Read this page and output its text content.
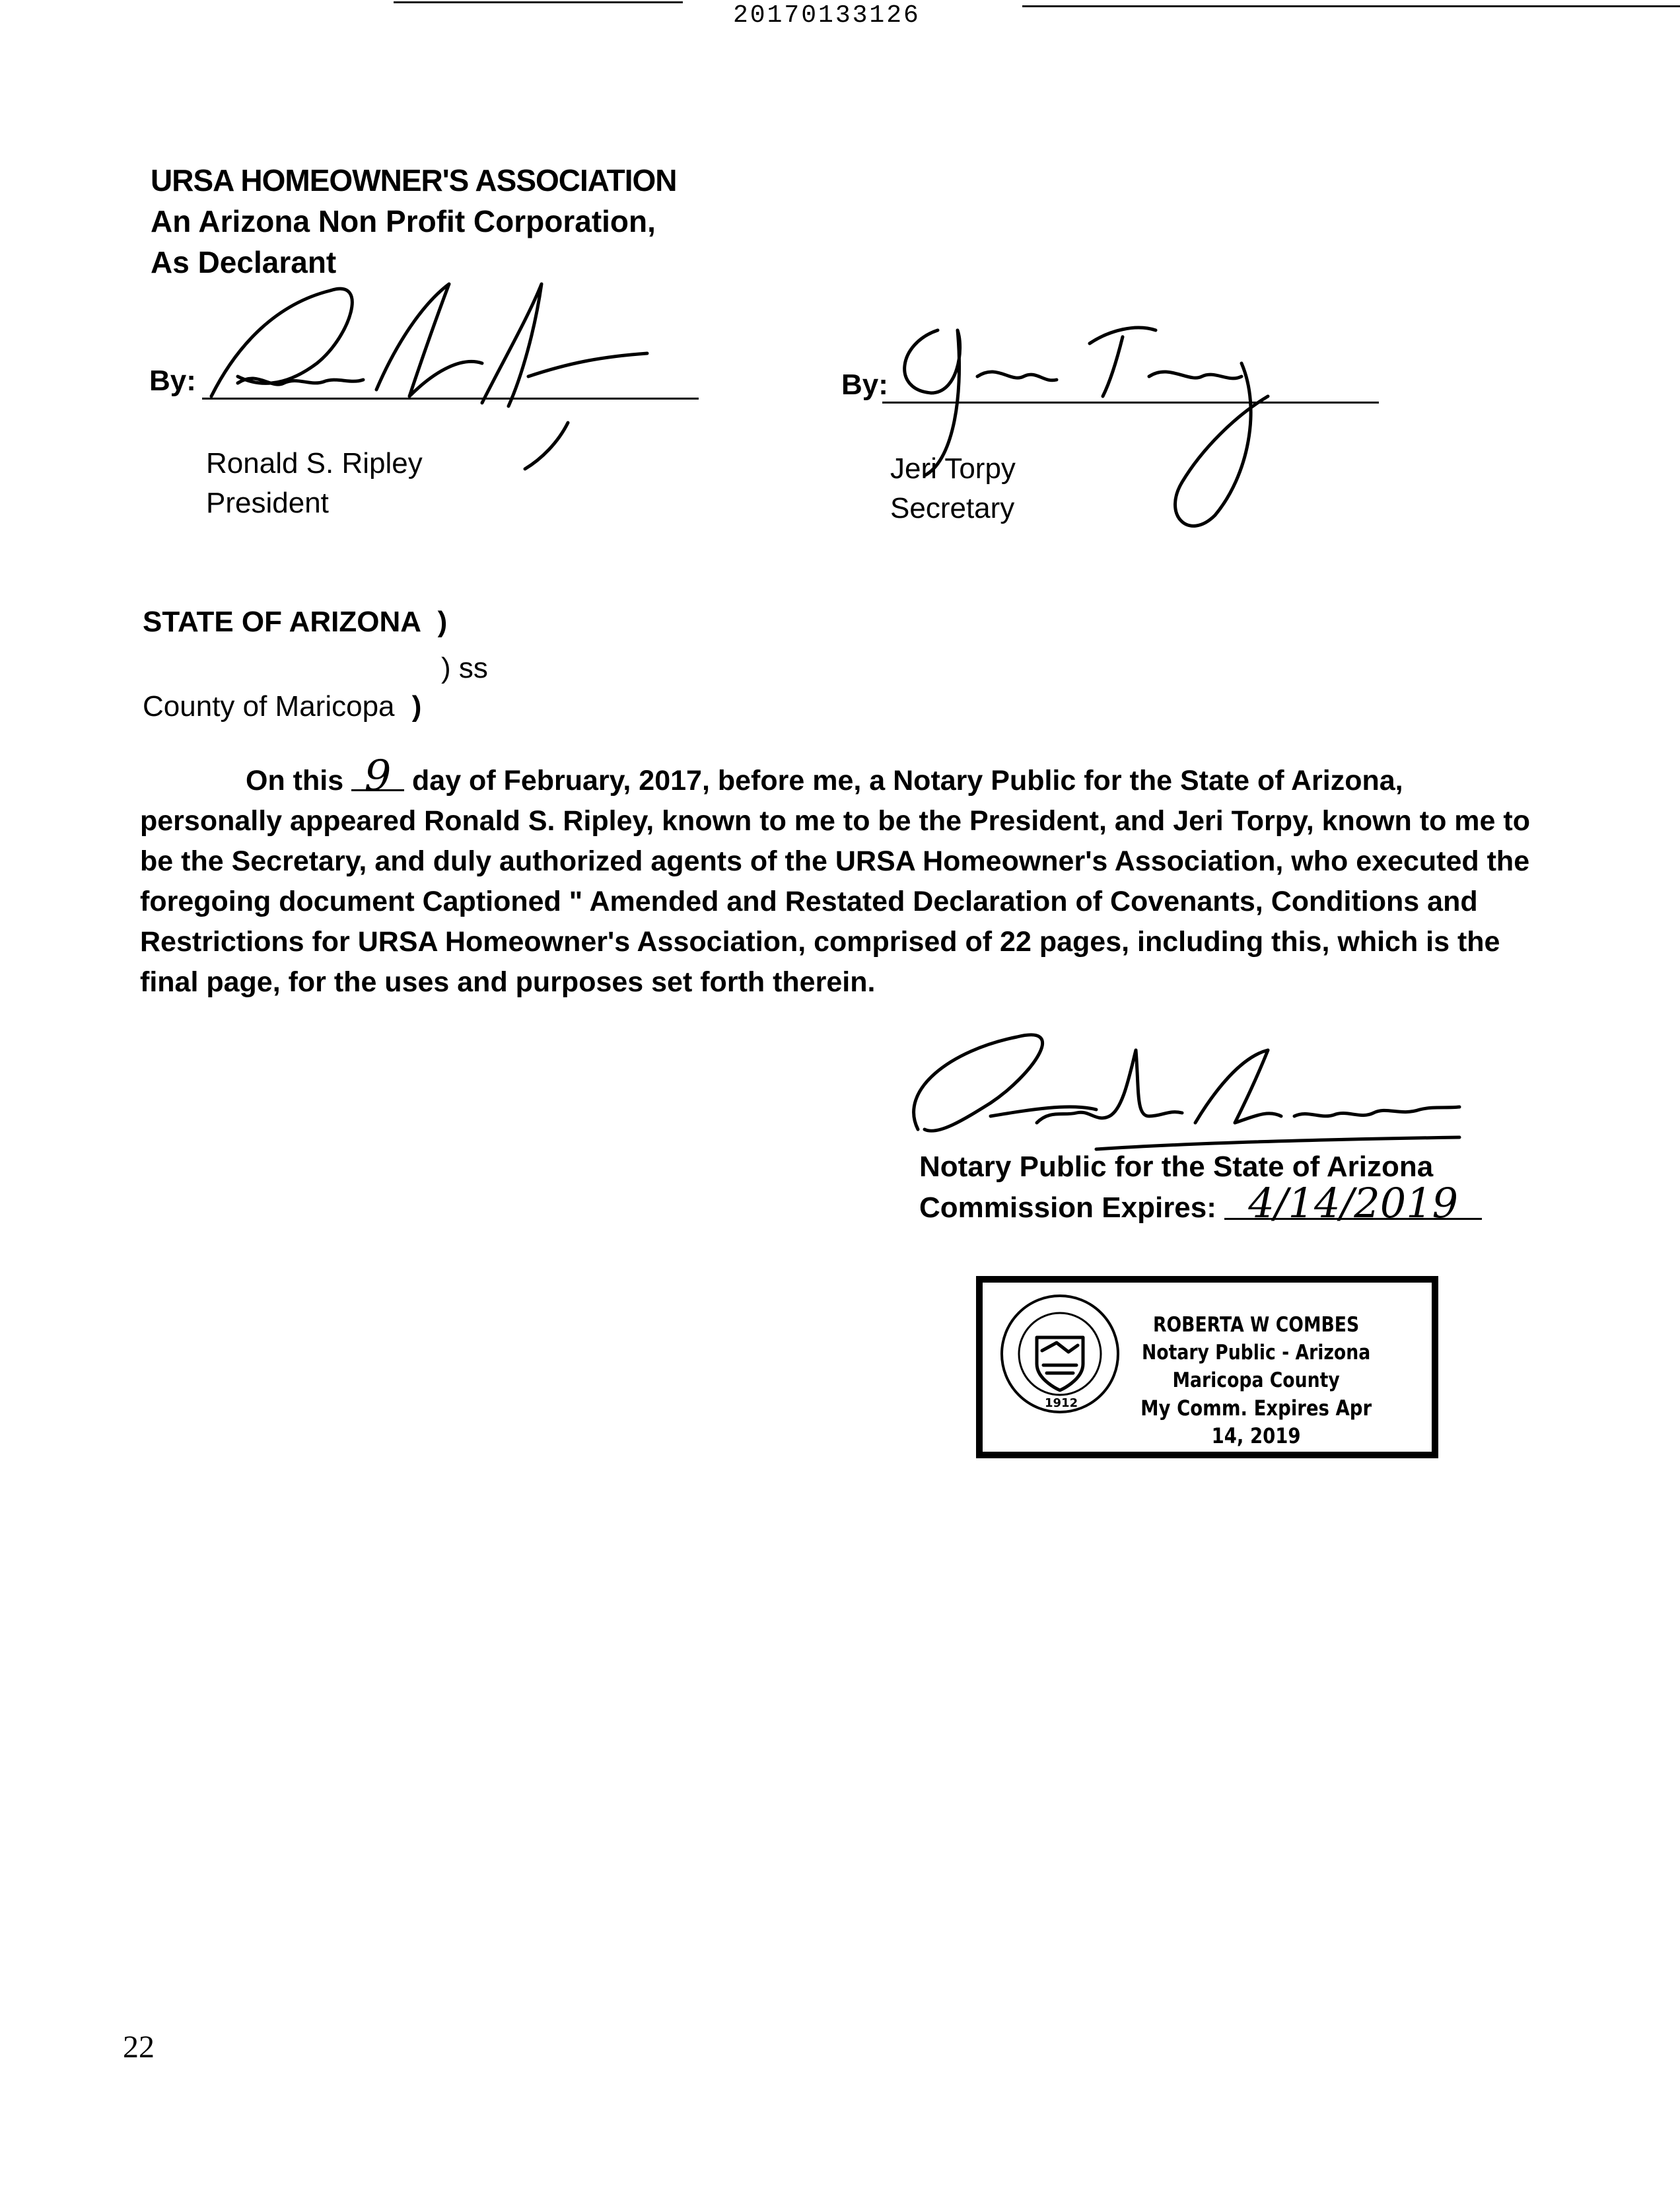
20170133126
URSA HOMEOWNER'S ASSOCIATION
An Arizona Non Profit Corporation,
As Declarant
By:
Ronald S. Ripley
President
By:
Jeri Torpy
Secretary
STATE OF ARIZONA )
) ss
County of Maricopa )
On this 9 day of February, 2017, before me, a Notary Public for the State of Arizona, personally appeared Ronald S. Ripley, known to me to be the President, and Jeri Torpy, known to me to be the Secretary, and duly authorized agents of the URSA Homeowner's Association, who executed the foregoing document Captioned " Amended and Restated Declaration of Covenants, Conditions and Restrictions for URSA Homeowner's Association, comprised of 22 pages, including this, which is the final page, for the uses and purposes set forth therein.
Notary Public for the State of Arizona
Commission Expires: 4/14/2019
1912
ROBERTA W COMBES
Notary Public - Arizona
Maricopa County
My Comm. Expires Apr 14, 2019
22
